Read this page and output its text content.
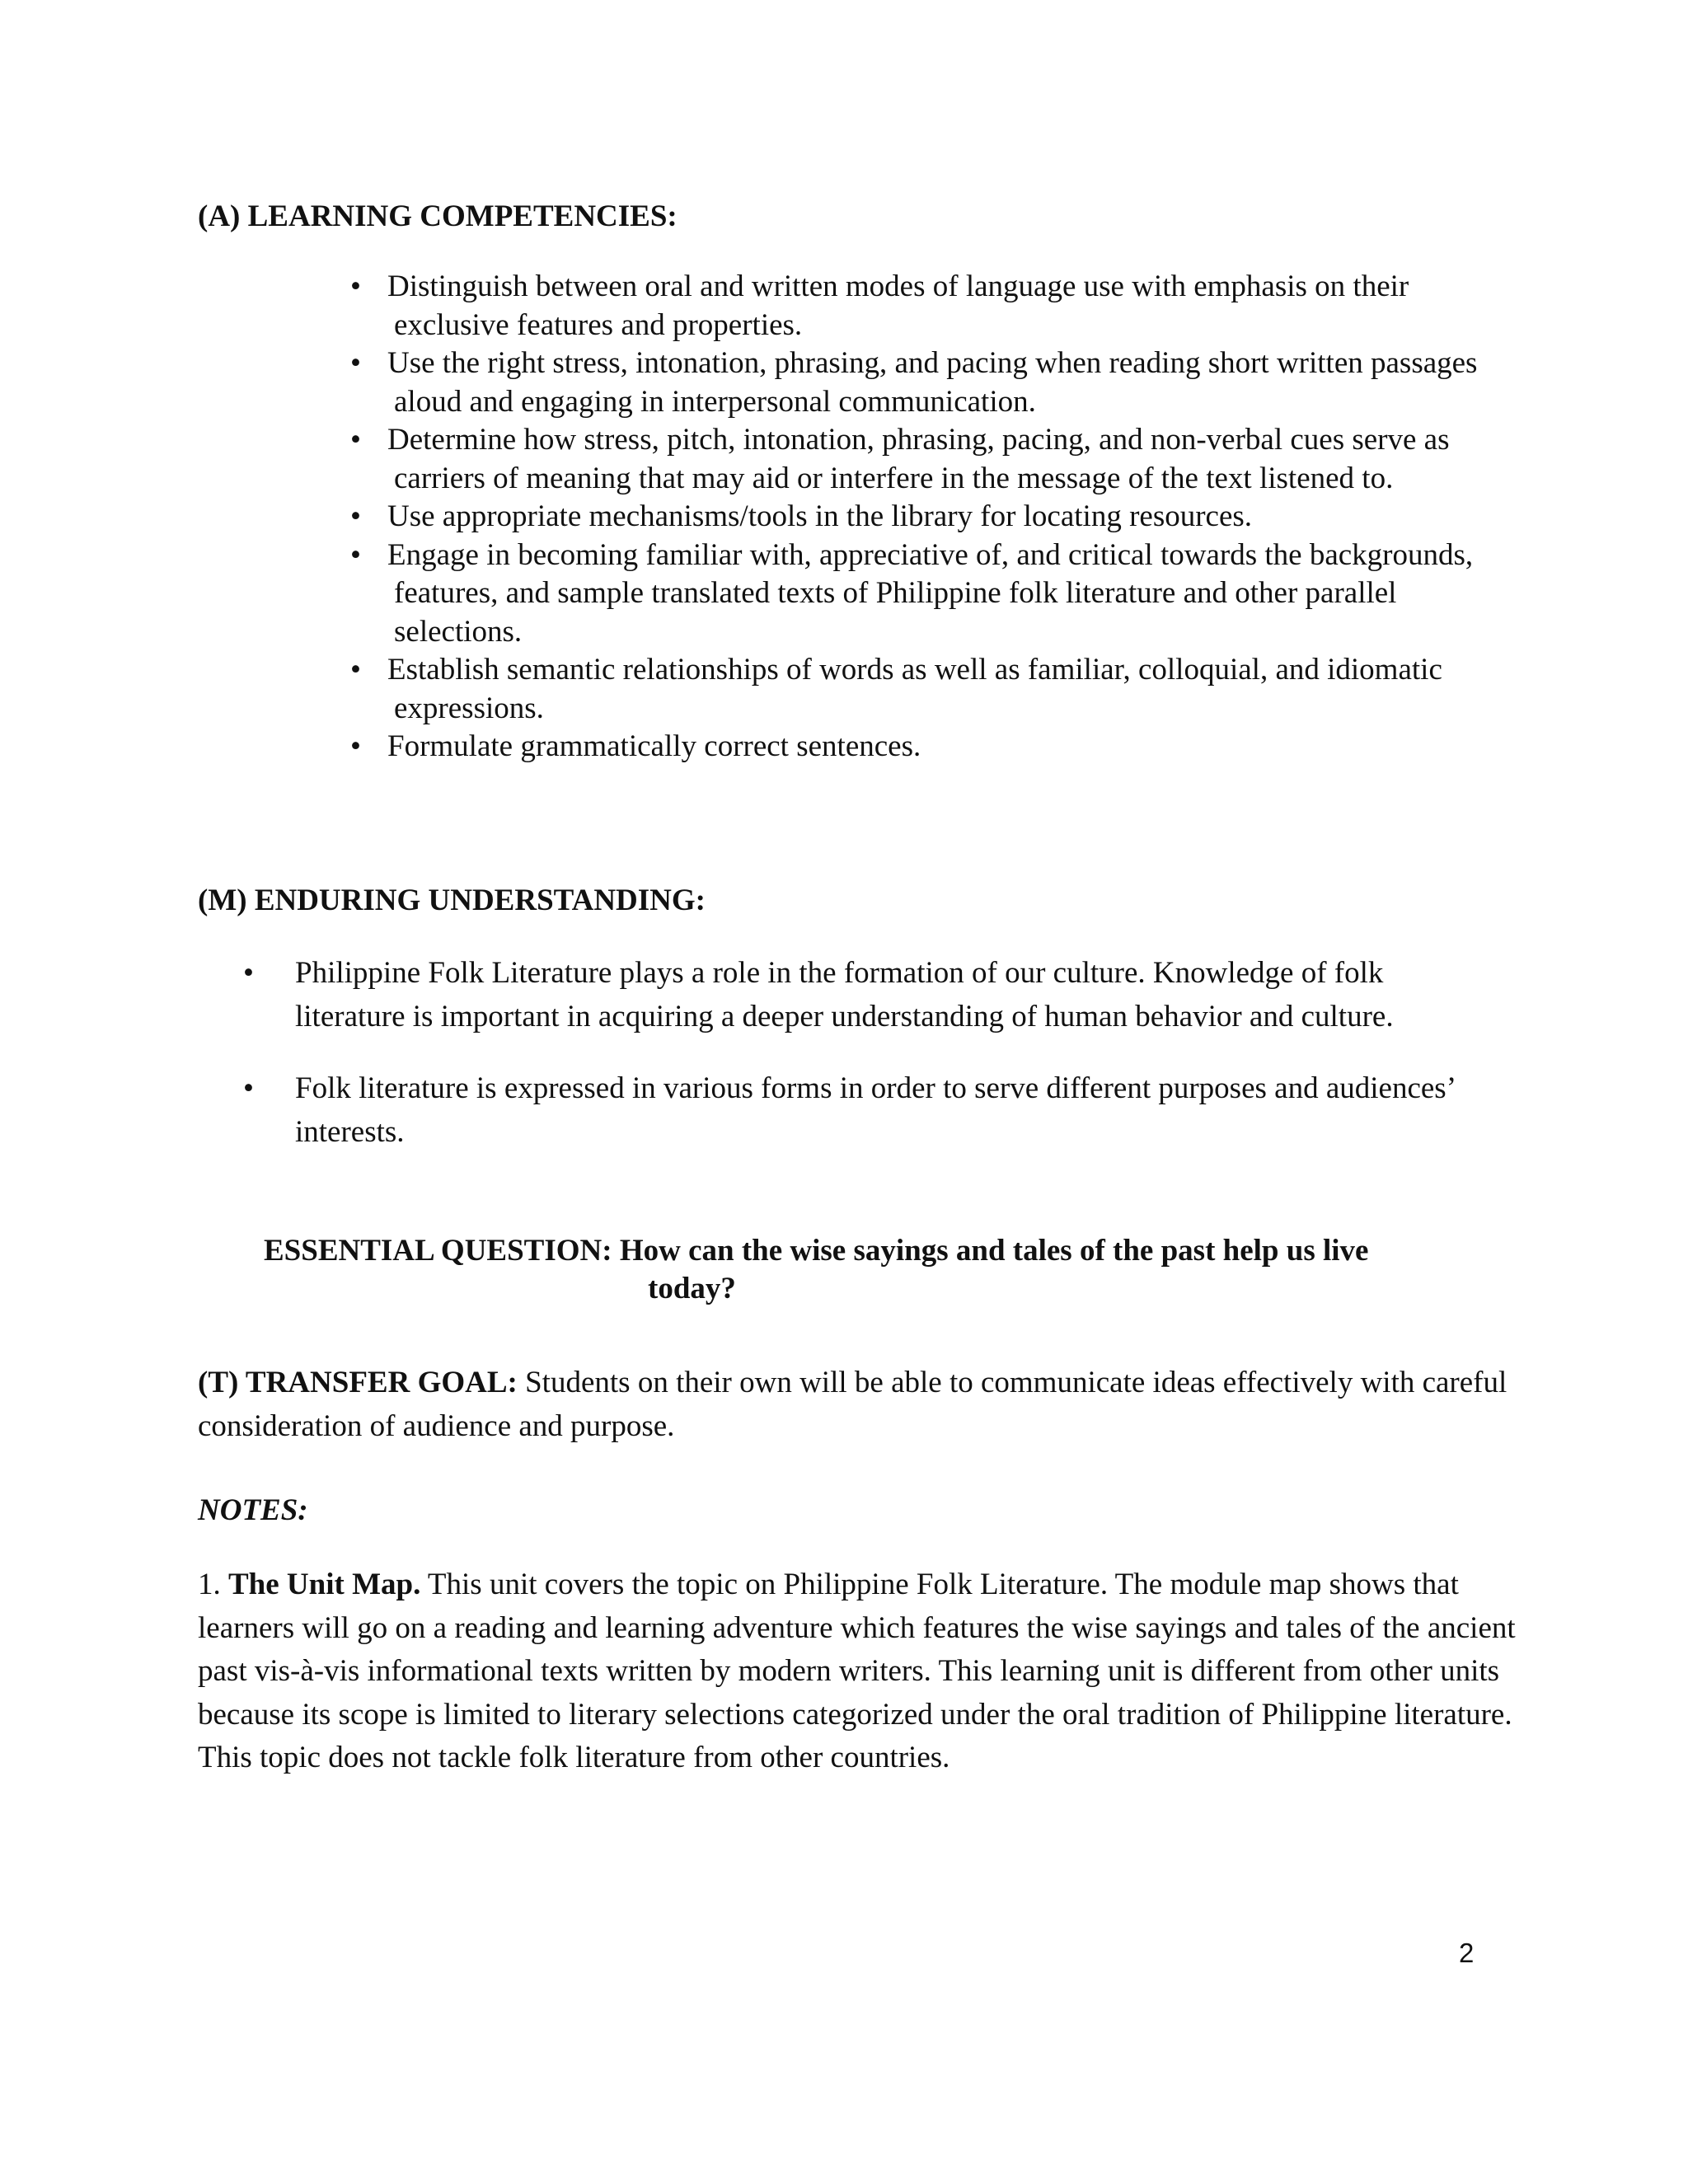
(A) LEARNING COMPETENCIES:
• Distinguish between oral and written modes of language use with emphasis on their exclusive features and properties.
• Use the right stress, intonation, phrasing, and pacing when reading short written passages aloud and engaging in interpersonal communication.
• Determine how stress, pitch, intonation, phrasing, pacing, and non-verbal cues serve as carriers of meaning that may aid or interfere in the message of the text listened to.
• Use appropriate mechanisms/tools in the library for locating resources.
• Engage in becoming familiar with, appreciative of, and critical towards the backgrounds, features, and sample translated texts of Philippine folk literature and other parallel selections.
• Establish semantic relationships of words as well as familiar, colloquial, and idiomatic expressions.
• Formulate grammatically correct sentences.
(M) ENDURING UNDERSTANDING:
• Philippine Folk Literature plays a role in the formation of our culture. Knowledge of folk literature is important in acquiring a deeper understanding of human behavior and culture.
• Folk literature is expressed in various forms in order to serve different purposes and audiences’ interests.
ESSENTIAL QUESTION: How can the wise sayings and tales of the past help us live
today?
(T) TRANSFER GOAL: Students on their own will be able to communicate ideas effectively with careful consideration of audience and purpose.
NOTES:
1. The Unit Map. This unit covers the topic on Philippine Folk Literature. The module map shows that learners will go on a reading and learning adventure which features the wise sayings and tales of the ancient past vis-à-vis informational texts written by modern writers. This learning unit is different from other units because its scope is limited to literary selections categorized under the oral tradition of Philippine literature. This topic does not tackle folk literature from other countries.
2
